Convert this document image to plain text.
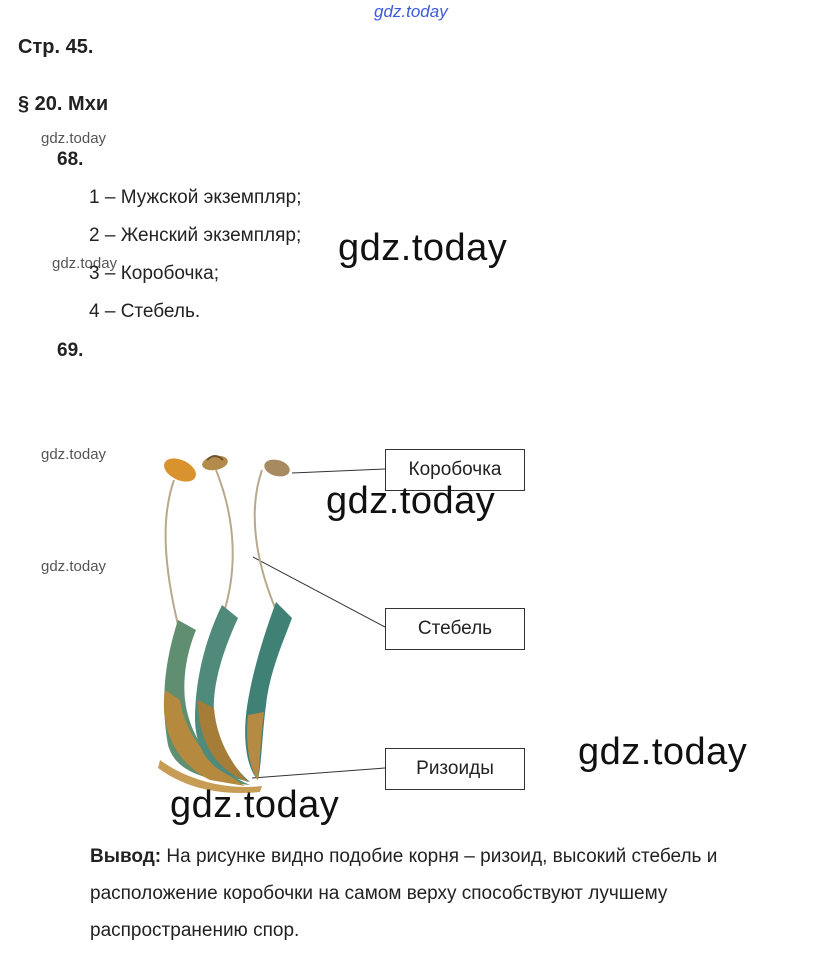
gdz.today
gdz.today
gdz.today
gdz.today
gdz.today
Стр. 45.
§ 20. Мхи
68.
1 – Мужской экземпляр;
2 – Женский экземпляр;
3 – Коробочка;
4 – Стебель.
69.
Коробочка
Стебель
Ризоиды
gdz.today
gdz.today
gdz.today
gdz.today
Вывод: На рисунке видно подобие корня – ризоид, высокий стебель и расположение коробочки на самом верху способствуют лучшему распространению спор.
